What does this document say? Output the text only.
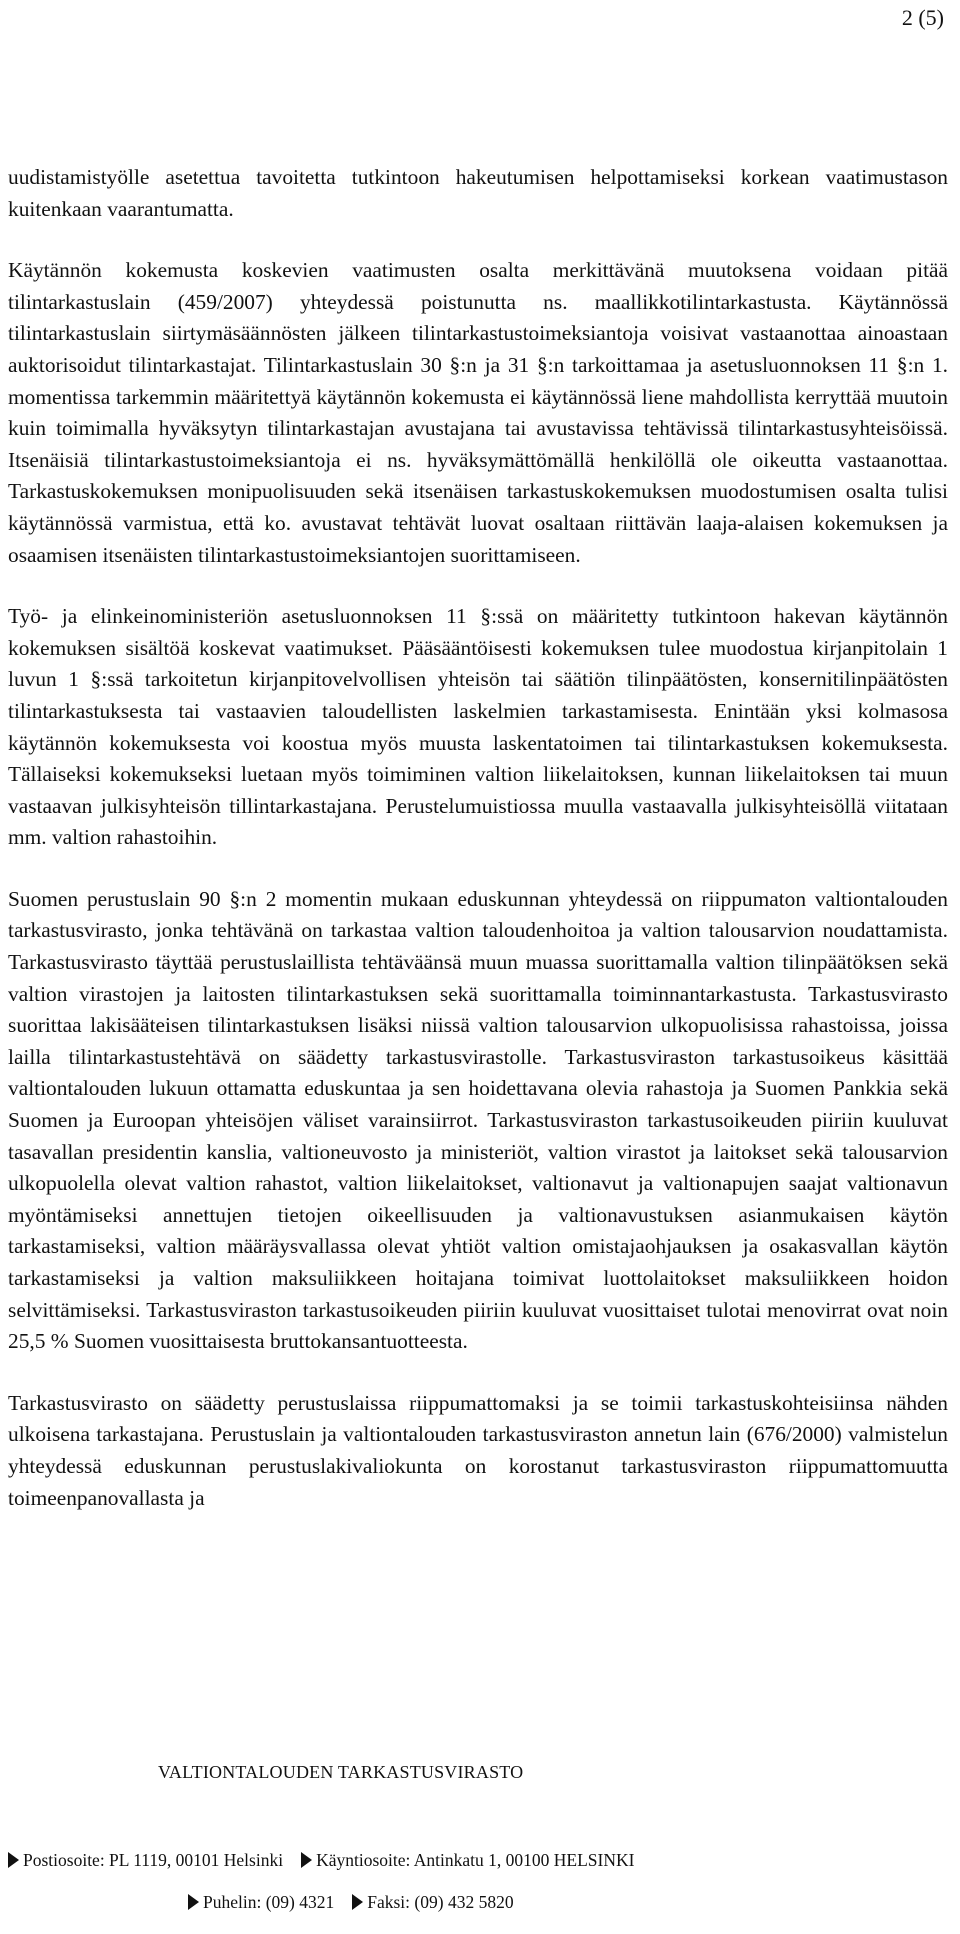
2 (5)

uudistamistyölle asetettua tavoitetta tutkintoon hakeutumisen helpottamiseksi korkean vaatimustason kuitenkaan vaarantumatta.

Käytännön kokemusta koskevien vaatimusten osalta merkittävänä muutoksena voidaan pitää tilintarkastuslain (459/2007) yhteydessä poistunutta ns. maallikkotilintarkastusta. Käytännössä tilintarkastuslain siirtymäsäännösten jälkeen tilintarkastustoimeksiantoja voisivat vastaanottaa ainoastaan auktorisoidut tilintarkastajat. Tilintarkastuslain 30 §:n ja 31 §:n tarkoittamaa ja asetusluonnoksen 11 §:n 1. momentissa tarkemmin määritettyä käytännön kokemusta ei käytännössä liene mahdollista kerryttää muutoin kuin toimimalla hyväksytyn tilintarkastajan avustajana tai avustavissa tehtävissä tilintarkastusyhteisöissä. Itsenäisiä tilintarkastustoimeksiantoja ei ns. hyväksymättömällä henkilöllä ole oikeutta vastaanottaa. Tarkastuskokemuksen monipuolisuuden sekä itsenäisen tarkastuskokemuksen muodostumisen osalta tulisi käytännössä varmistua, että ko. avustavat tehtävät luovat osaltaan riittävän laaja-alaisen kokemuksen ja osaamisen itsenäisten tilintarkastustoimeksiantojen suorittamiseen.

Työ- ja elinkeinoministeriön asetusluonnoksen 11 §:ssä on määritetty tutkintoon hakevan käytännön kokemuksen sisältöä koskevat vaatimukset. Pääsääntöisesti kokemuksen tulee muodostua kirjanpitolain 1 luvun 1 §:ssä tarkoitetun kirjanpitovelvollisen yhteisön tai säätiön tilinpäätösten, konsernitilinpäätösten tilintarkastuksesta tai vastaavien taloudellisten laskelmien tarkastamisesta. Enintään yksi kolmasosa käytännön kokemuksesta voi koostua myös muusta laskentatoimen tai tilintarkastuksen kokemuksesta. Tällaiseksi kokemukseksi luetaan myös toimiminen valtion liikelaitoksen, kunnan liikelaitoksen tai muun vastaavan julkisyhteisön tillintarkastajana. Perustelumuistiossa muulla vastaavalla julkisyhteisöllä viitataan mm. valtion rahastoihin.

Suomen perustuslain 90 §:n 2 momentin mukaan eduskunnan yhteydessä on riippumaton valtiontalouden tarkastusvirasto, jonka tehtävänä on tarkastaa valtion taloudenhoitoa ja valtion talousarvion noudattamista. Tarkastusvirasto täyttää perustuslaillista tehtäväänsä muun muassa suorittamalla valtion tilinpäätöksen sekä valtion virastojen ja laitosten tilintarkastuksen sekä suorittamalla toiminnantarkastusta. Tarkastusvirasto suorittaa lakisääteisen tilintarkastuksen lisäksi niissä valtion talousarvion ulkopuolisissa rahastoissa, joissa lailla tilintarkastustehtävä on säädetty tarkastusvirastolle. Tarkastusviraston tarkastusoikeus käsittää valtiontalouden lukuun ottamatta eduskuntaa ja sen hoidettavana olevia rahastoja ja Suomen Pankkia sekä Suomen ja Euroopan yhteisöjen väliset varainsiirrot. Tarkastusviraston tarkastusoikeuden piiriin kuuluvat tasavallan presidentin kanslia, valtioneuvosto ja ministeriöt, valtion virastot ja laitokset sekä talousarvion ulkopuolella olevat valtion rahastot, valtion liikelaitokset, valtionavut ja valtionapujen saajat valtionavun myöntämiseksi annettujen tietojen oikeellisuuden ja valtionavustuksen asianmukaisen käytön tarkastamiseksi, valtion määräysvallassa olevat yhtiöt valtion omistajaohjauksen ja osakasvallan käytön tarkastamiseksi ja valtion maksuliikkeen hoitajana toimivat luottolaitokset maksuliikkeen hoidon selvittämiseksi. Tarkastusviraston tarkastusoikeuden piiriin kuuluvat vuosittaiset tulotai menovirrat ovat noin 25,5 % Suomen vuosittaisesta bruttokansantuotteesta.

Tarkastusvirasto on säädetty perustuslaissa riippumattomaksi ja se toimii tarkastuskohteisiinsa nähden ulkoisena tarkastajana. Perustuslain ja valtiontalouden tarkastusviraston annetun lain (676/2000) valmistelun yhteydessä eduskunnan perustuslakivaliokunta on korostanut tarkastusviraston riippumattomuutta toimeenpanovallasta ja

VALTIONTALOUDEN TARKASTUSVIRASTO
Postiosoite: PL 1119, 00101 Helsinki Käyntiosoite: Antinkatu 1, 00100 HELSINKI
Puhelin: (09) 4321 Faksi: (09) 432 5820
